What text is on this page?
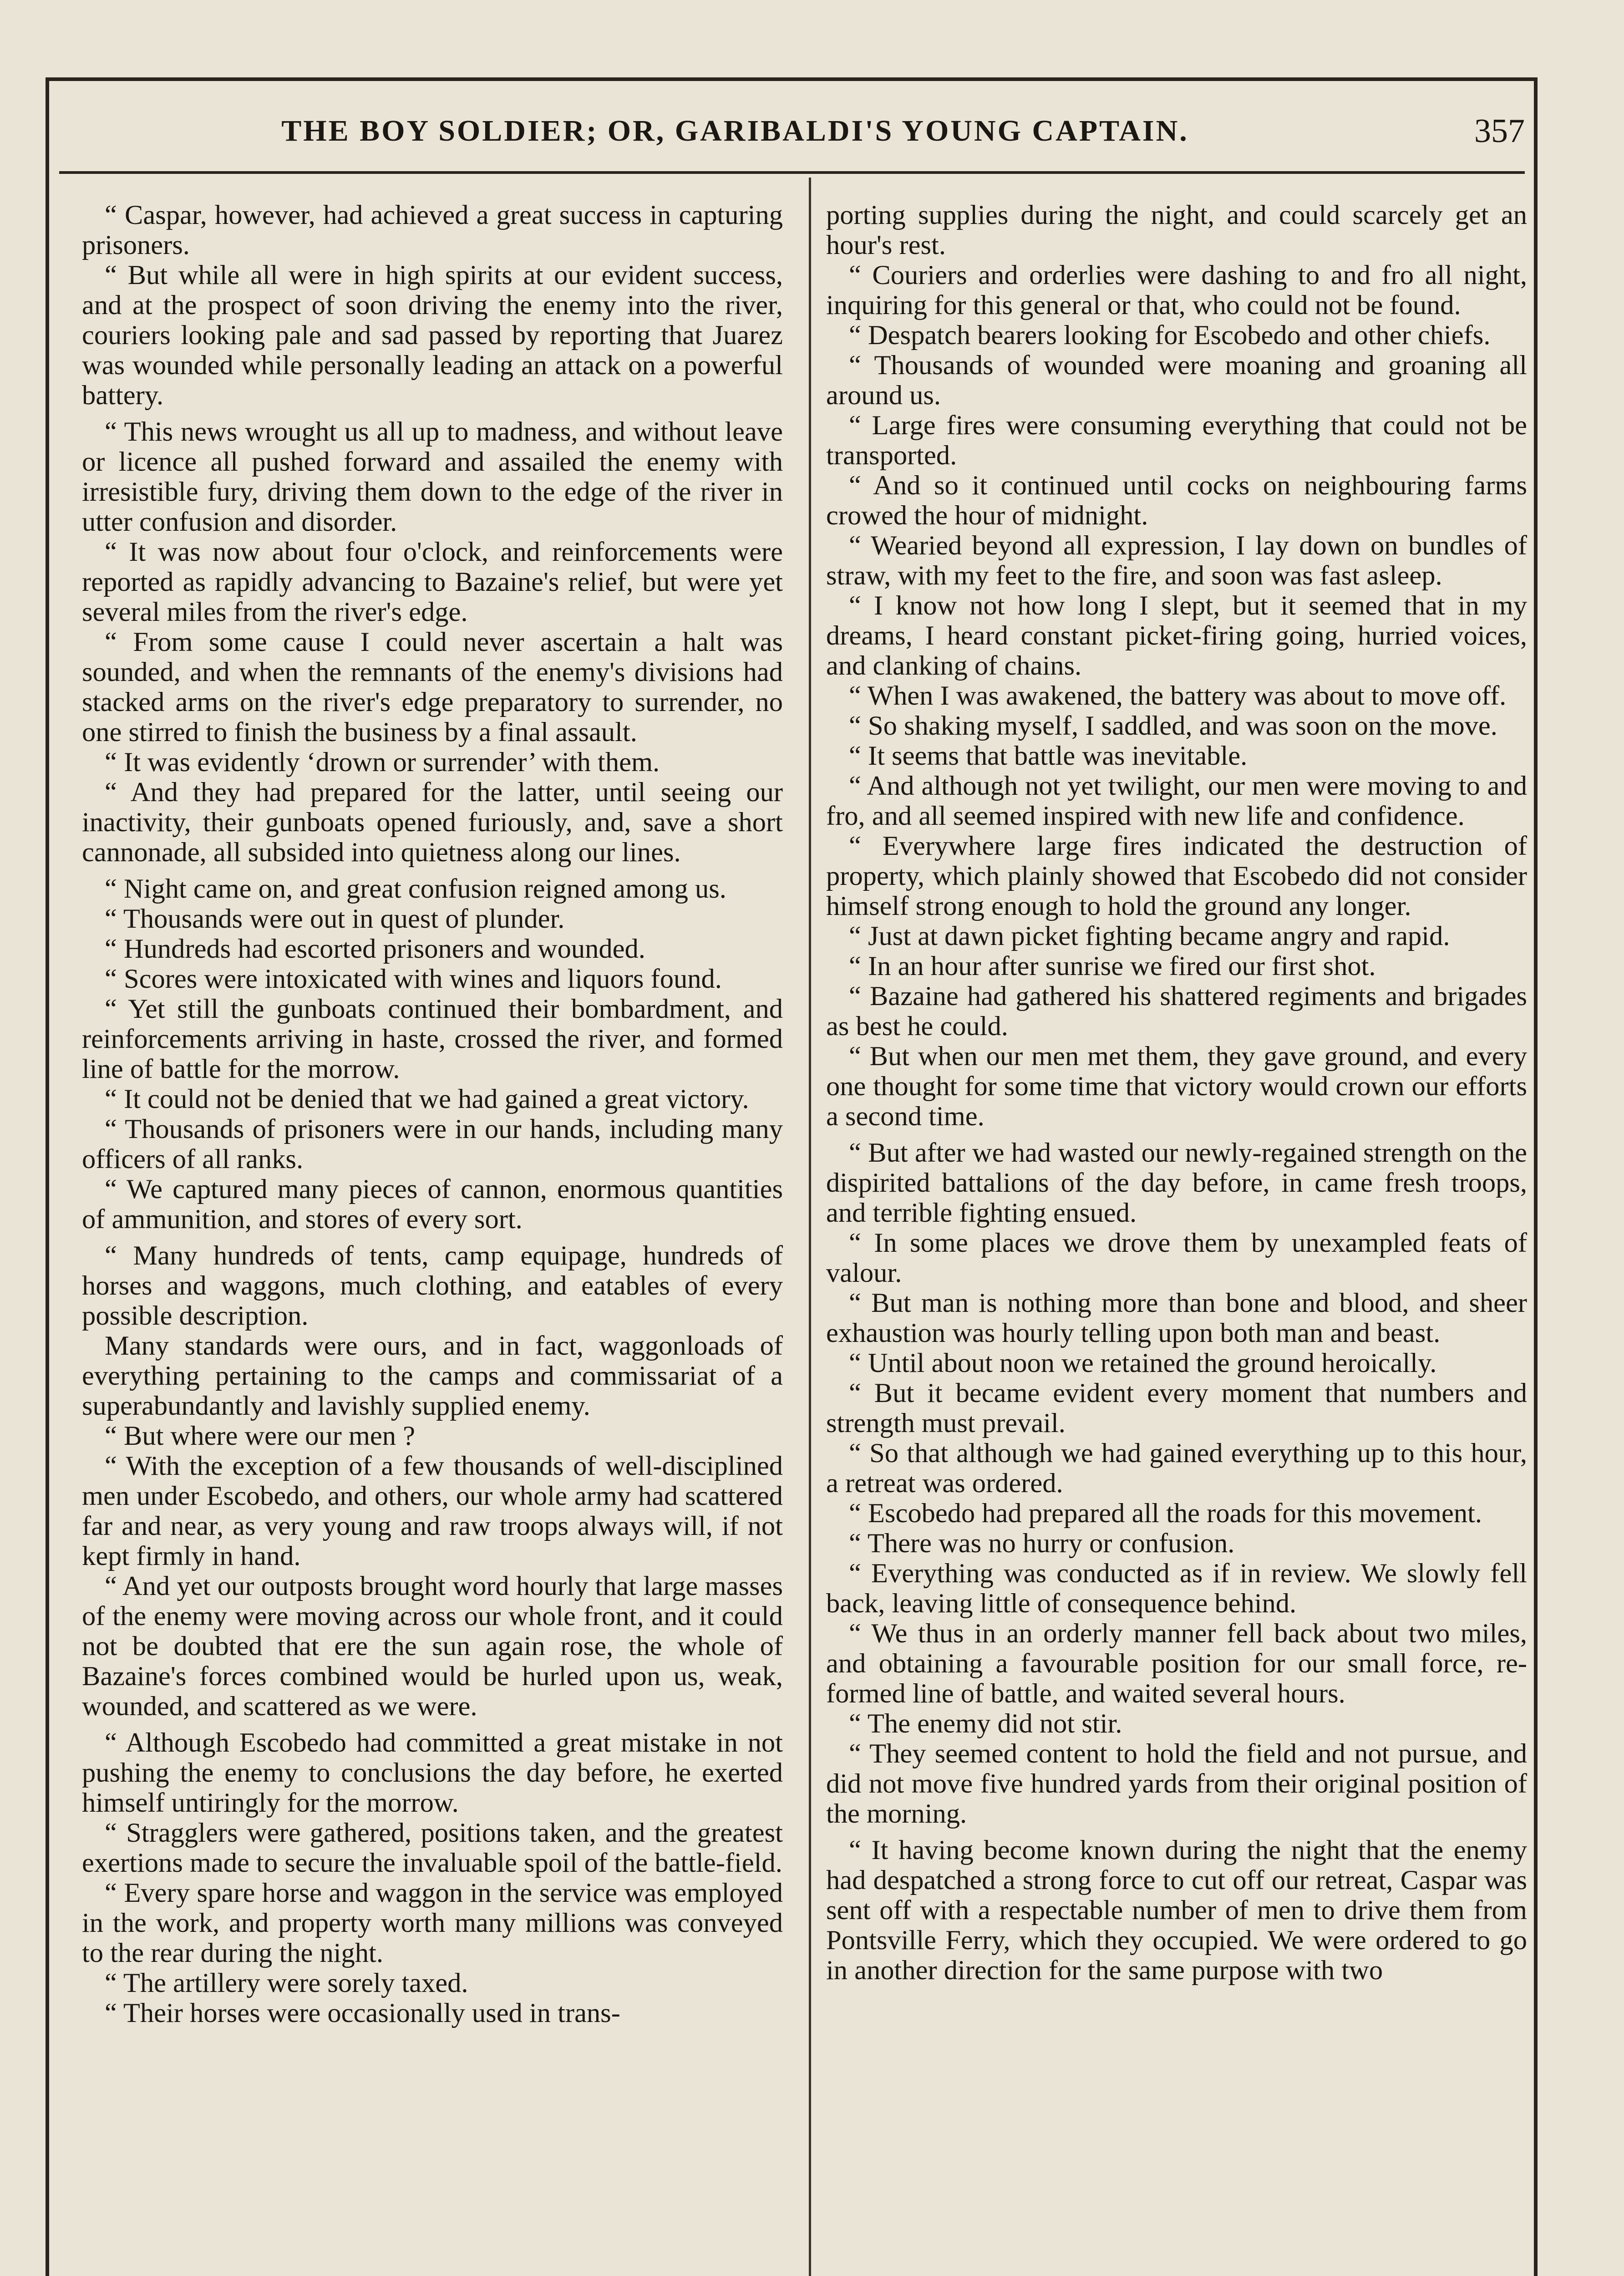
THE BOY SOLDIER; OR, GARIBALDI'S YOUNG CAPTAIN.	357

“ Caspar, however, had achieved a great success in capturing prisoners.

“ But while all were in high spirits at our evident success, and at the prospect of soon driving the enemy into the river, couriers looking pale and sad passed by reporting that Juarez was wounded while personally leading an attack on a powerful battery.

“ This news wrought us all up to madness, and without leave or licence all pushed forward and assailed the enemy with irresistible fury, driving them down to the edge of the river in utter confusion and disorder.

“ It was now about four o'clock, and reinforcements were reported as rapidly advancing to Bazaine's relief, but were yet several miles from the river's edge.

“ From some cause I could never ascertain a halt was sounded, and when the remnants of the enemy's divisions had stacked arms on the river's edge preparatory to surrender, no one stirred to finish the business by a final assault.

“ It was evidently ‘drown or surrender’ with them.

“ And they had prepared for the latter, until seeing our inactivity, their gunboats opened furiously, and, save a short cannonade, all subsided into quietness along our lines.

“ Night came on, and great confusion reigned among us.

“ Thousands were out in quest of plunder.

“ Hundreds had escorted prisoners and wounded.

“ Scores were intoxicated with wines and liquors found.

“ Yet still the gunboats continued their bombardment, and reinforcements arriving in haste, crossed the river, and formed line of battle for the morrow.

“ It could not be denied that we had gained a great victory.

“ Thousands of prisoners were in our hands, including many officers of all ranks.

“ We captured many pieces of cannon, enormous quantities of ammunition, and stores of every sort.

“ Many hundreds of tents, camp equipage, hundreds of horses and waggons, much clothing, and eatables of every possible description.

Many standards were ours, and in fact, waggonloads of everything pertaining to the camps and commissariat of a superabundantly and lavishly supplied enemy.

“ But where were our men ?

“ With the exception of a few thousands of well-disciplined men under Escobedo, and others, our whole army had scattered far and near, as very young and raw troops always will, if not kept firmly in hand.

“ And yet our outposts brought word hourly that large masses of the enemy were moving across our whole front, and it could not be doubted that ere the sun again rose, the whole of Bazaine's forces combined would be hurled upon us, weak, wounded, and scattered as we were.

“ Although Escobedo had committed a great mistake in not pushing the enemy to conclusions the day before, he exerted himself untiringly for the morrow.

“ Stragglers were gathered, positions taken, and the greatest exertions made to secure the invaluable spoil of the battle-field.

“ Every spare horse and waggon in the service was employed in the work, and property worth many millions was conveyed to the rear during the night.

“ The artillery were sorely taxed.

“ Their horses were occasionally used in trans-

porting supplies during the night, and could scarcely get an hour's rest.

“ Couriers and orderlies were dashing to and fro all night, inquiring for this general or that, who could not be found.

“ Despatch bearers looking for Escobedo and other chiefs.

“ Thousands of wounded were moaning and groaning all around us.

“ Large fires were consuming everything that could not be transported.

“ And so it continued until cocks on neighbouring farms crowed the hour of midnight.

“ Wearied beyond all expression, I lay down on bundles of straw, with my feet to the fire, and soon was fast asleep.

“ I know not how long I slept, but it seemed that in my dreams, I heard constant picket-firing going, hurried voices, and clanking of chains.

“ When I was awakened, the battery was about to move off.

“ So shaking myself, I saddled, and was soon on the move.

“ It seems that battle was inevitable.

“ And although not yet twilight, our men were moving to and fro, and all seemed inspired with new life and confidence.

“ Everywhere large fires indicated the destruction of property, which plainly showed that Escobedo did not consider himself strong enough to hold the ground any longer.

“ Just at dawn picket fighting became angry and rapid.

“ In an hour after sunrise we fired our first shot.

“ Bazaine had gathered his shattered regiments and brigades as best he could.

“ But when our men met them, they gave ground, and every one thought for some time that victory would crown our efforts a second time.

“ But after we had wasted our newly-regained strength on the dispirited battalions of the day before, in came fresh troops, and terrible fighting ensued.

“ In some places we drove them by unexampled feats of valour.

“ But man is nothing more than bone and blood, and sheer exhaustion was hourly telling upon both man and beast.

“ Until about noon we retained the ground heroically.

“ But it became evident every moment that numbers and strength must prevail.

“ So that although we had gained everything up to this hour, a retreat was ordered.

“ Escobedo had prepared all the roads for this movement.

“ There was no hurry or confusion.

“ Everything was conducted as if in review. We slowly fell back, leaving little of consequence behind.

“ We thus in an orderly manner fell back about two miles, and obtaining a favourable position for our small force, re-formed line of battle, and waited several hours.

“ The enemy did not stir.

“ They seemed content to hold the field and not pursue, and did not move five hundred yards from their original position of the morning.

“ It having become known during the night that the enemy had despatched a strong force to cut off our retreat, Caspar was sent off with a respectable number of men to drive them from Pontsville Ferry, which they occupied. We were ordered to go in another direction for the same purpose with two
